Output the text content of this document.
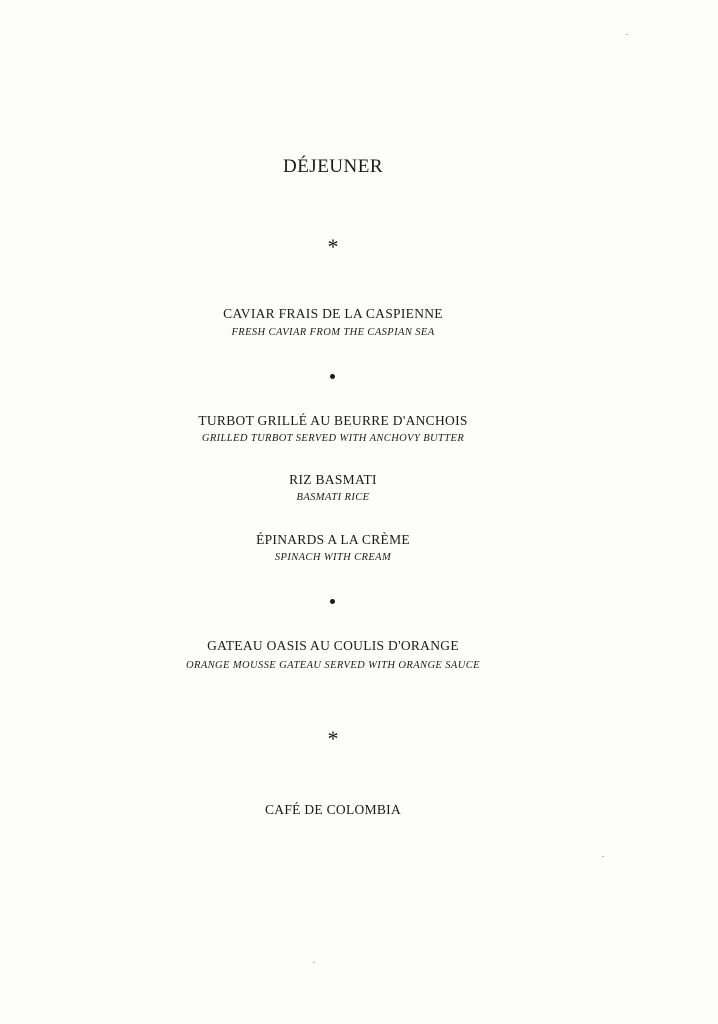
DÉJEUNER
*
CAVIAR FRAIS DE LA CASPIENNE
FRESH CAVIAR FROM THE CASPIAN SEA
TURBOT GRILLÉ AU BEURRE D'ANCHOIS
GRILLED TURBOT SERVED WITH ANCHOVY BUTTER
RIZ BASMATI
BASMATI RICE
ÉPINARDS A LA CRÈME
SPINACH WITH CREAM
GATEAU OASIS AU COULIS D'ORANGE
ORANGE MOUSSE GATEAU SERVED WITH ORANGE SAUCE
*
CAFÉ DE COLOMBIA
